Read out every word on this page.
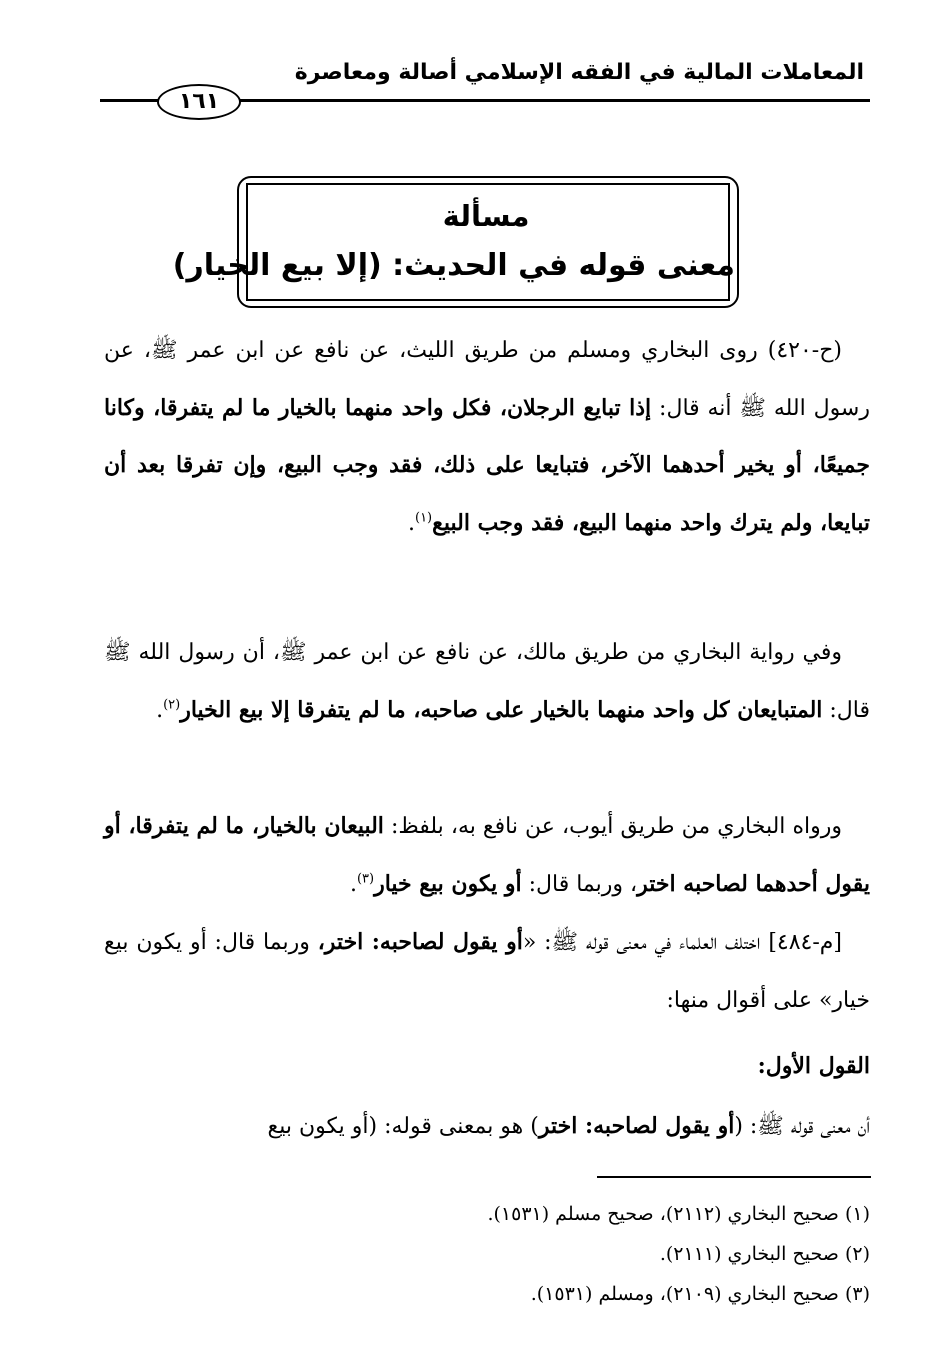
المعاملات المالية في الفقه الإسلامي أصالة ومعاصرة
١٦١
مسألة
معنى قوله في الحديث: (إلا بيع الخيار)
(ح-٤٢٠) روى البخاري ومسلم من طريق الليث، عن نافع عن ابن عمر ﷺ، عن رسول الله ﷺ أنه قال: إذا تبايع الرجلان، فكل واحد منهما بالخيار ما لم يتفرقا، وكانا جميعًا، أو يخير أحدهما الآخر، فتبايعا على ذلك، فقد وجب البيع، وإن تفرقا بعد أن تبايعا، ولم يترك واحد منهما البيع، فقد وجب البيع$^{(١)}$.
وفي رواية البخاري من طريق مالك، عن نافع عن ابن عمر ﷺ، أن رسول الله ﷺ قال: المتبايعان كل واحد منهما بالخيار على صاحبه، ما لم يتفرقا إلا بيع الخيار$^{(٢)}$.
ورواه البخاري من طريق أيوب، عن نافع به، بلفظ: البيعان بالخيار، ما لم يتفرقا، أو يقول أحدهما لصاحبه اختر، وربما قال: أو يكون بيع خيار$^{(٣)}$.
[م-٤٨٤] اختلف العلماء في معنى قوله ﷺ: «أو يقول لصاحبه: اختر، وربما قال: أو يكون بيع خيار» على أقوال منها:
القول الأول:
أن معنى قوله ﷺ: (أو يقول لصاحبه: اختر) هو بمعنى قوله: (أو يكون بيع
(١) صحيح البخاري (٢١١٢)، صحيح مسلم (١٥٣١).
(٢) صحيح البخاري (٢١١١).
(٣) صحيح البخاري (٢١٠٩)، ومسلم (١٥٣١).
